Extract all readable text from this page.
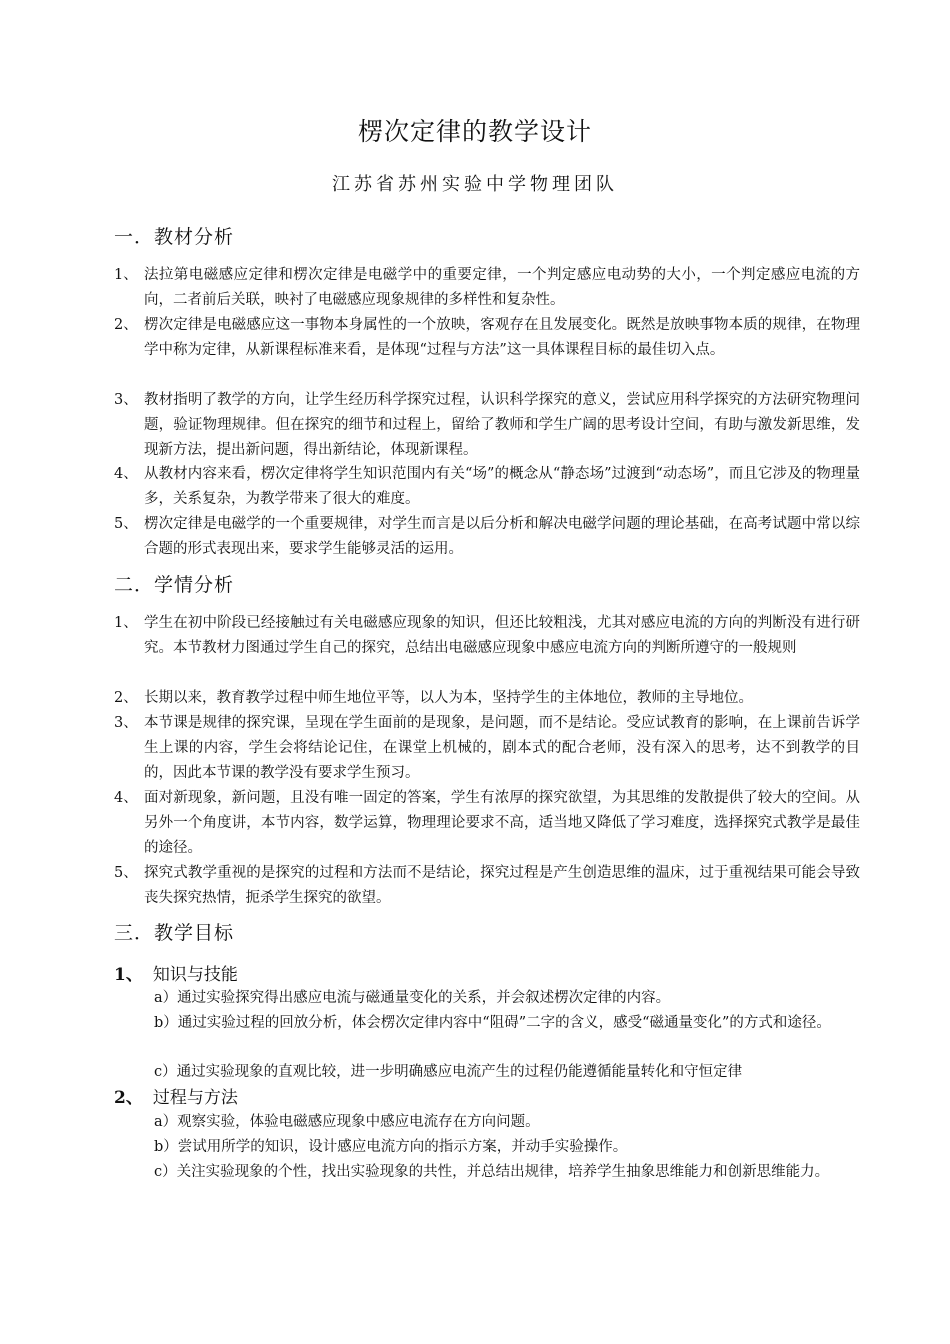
楞次定律的教学设计
江苏省苏州实验中学物理团队
一．教材分析
1、 法拉第电磁感应定律和楞次定律是电磁学中的重要定律，一个判定感应电动势的大小，一个判定感应电流的方向，二者前后关联，映衬了电磁感应现象规律的多样性和复杂性。
2、 楞次定律是电磁感应这一事物本身属性的一个放映，客观存在且发展变化。既然是放映事物本质的规律，在物理学中称为定律，从新课程标准来看，是体现“过程与方法”这一具体课程目标的最佳切入点。
3、 教材指明了教学的方向，让学生经历科学探究过程，认识科学探究的意义，尝试应用科学探究的方法研究物理问题，验证物理规律。但在探究的细节和过程上，留给了教师和学生广阔的思考设计空间，有助与激发新思维，发现新方法，提出新问题，得出新结论，体现新课程。
4、 从教材内容来看，楞次定律将学生知识范围内有关“场”的概念从“静态场”过渡到“动态场”，而且它涉及的物理量多，关系复杂，为教学带来了很大的难度。
5、 楞次定律是电磁学的一个重要规律，对学生而言是以后分析和解决电磁学问题的理论基础，在高考试题中常以综合题的形式表现出来，要求学生能够灵活的运用。
二．学情分析
1、 学生在初中阶段已经接触过有关电磁感应现象的知识，但还比较粗浅，尤其对感应电流的方向的判断没有进行研究。本节教材力图通过学生自己的探究，总结出电磁感应现象中感应电流方向的判断所遵守的一般规则
2、 长期以来，教育教学过程中师生地位平等，以人为本，坚持学生的主体地位，教师的主导地位。
3、 本节课是规律的探究课，呈现在学生面前的是现象，是问题，而不是结论。受应试教育的影响，在上课前告诉学生上课的内容，学生会将结论记住，在课堂上机械的，剧本式的配合老师，没有深入的思考，达不到教学的目的，因此本节课的教学没有要求学生预习。
4、 面对新现象，新问题，且没有唯一固定的答案，学生有浓厚的探究欲望，为其思维的发散提供了较大的空间。从另外一个角度讲，本节内容，数学运算，物理理论要求不高，适当地又降低了学习难度，选择探究式教学是最佳的途径。
5、 探究式教学重视的是探究的过程和方法而不是结论，探究过程是产生创造思维的温床，过于重视结果可能会导致丧失探究热情，扼杀学生探究的欲望。
三．教学目标
1、 知识与技能
a）通过实验探究得出感应电流与磁通量变化的关系，并会叙述楞次定律的内容。
b）通过实验过程的回放分析，体会楞次定律内容中“阻碍”二字的含义，感受“磁通量变化”的方式和途径。
c）通过实验现象的直观比较，进一步明确感应电流产生的过程仍能遵循能量转化和守恒定律
2、 过程与方法
a）观察实验，体验电磁感应现象中感应电流存在方向问题。
b）尝试用所学的知识，设计感应电流方向的指示方案，并动手实验操作。
c）关注实验现象的个性，找出实验现象的共性，并总结出规律，培养学生抽象思维能力和创新思维能力。
